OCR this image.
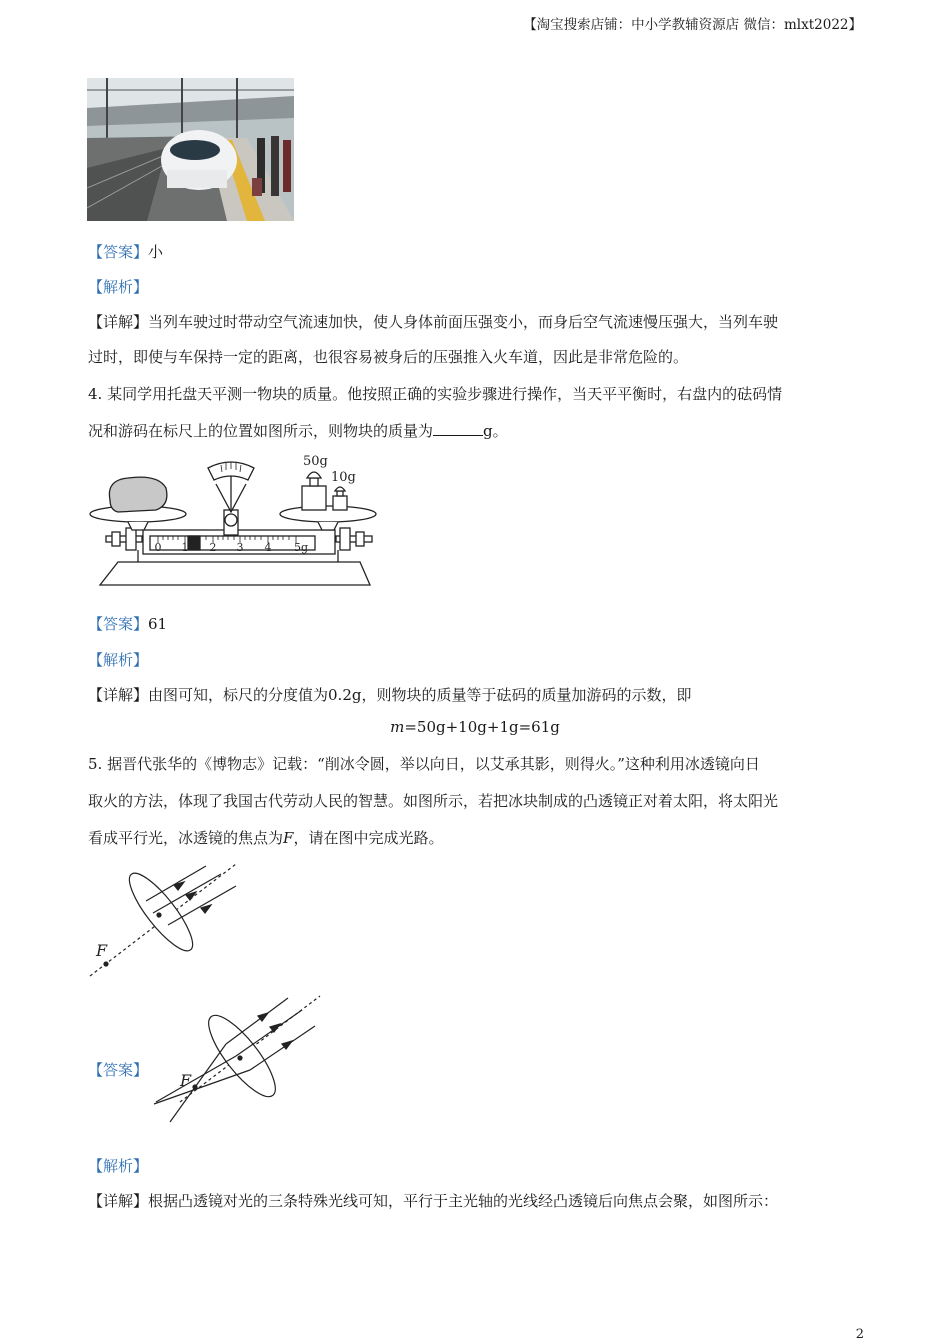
【淘宝搜索店铺：中小学教辅资源店 微信：mlxt2022】
【答案】小
【解析】
【详解】当列车驶过时带动空气流速加快，使人身体前面压强变小，而身后空气流速慢压强大，当列车驶
过时，即使与车保持一定的距离，也很容易被身后的压强推入火车道，因此是非常危险的。
4. 某同学用托盘天平测一物块的质量。他按照正确的实验步骤进行操作，当天平平衡时，右盘内的砝码情
况和游码在标尺上的位置如图所示，则物块的质量为	g。
0 1 2 3 4 5g
50g
10g
【答案】61
【解析】
【详解】由图可知，标尺的分度值为0.2g，则物块的质量等于砝码的质量加游码的示数，即
m=50g+10g+1g=61g
5. 据晋代张华的《博物志》记载：“削冰令圆，举以向日，以艾承其影，则得火。”这种利用冰透镜向日
取火的方法，体现了我国古代劳动人民的智慧。如图所示，若把冰块制成的凸透镜正对着太阳，将太阳光
看成平行光，冰透镜的焦点为F，请在图中完成光路。
F
【答案】
F
【解析】
【详解】根据凸透镜对光的三条特殊光线可知，平行于主光轴的光线经凸透镜后向焦点会聚，如图所示：
2
